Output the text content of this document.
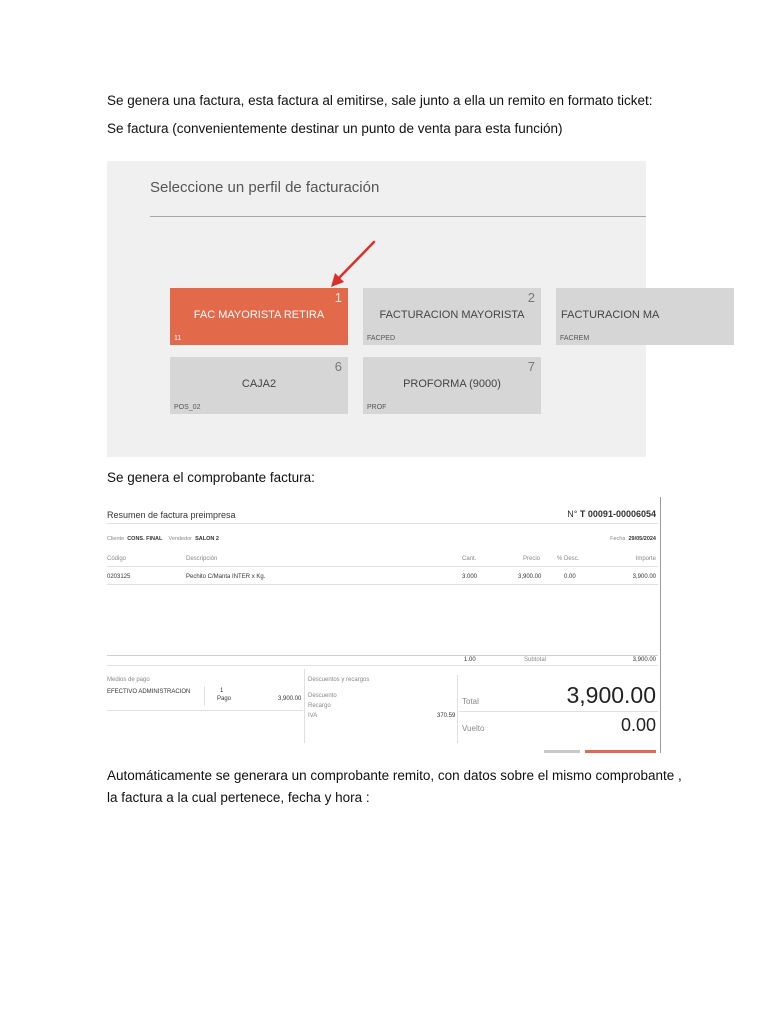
Se genera una factura, esta factura al emitirse, sale junto a ella un remito en formato ticket:
Se factura (convenientemente destinar un punto de venta para esta función)
Seleccione un perfil de facturación
1
FAC MAYORISTA RETIRA
11
2
FACTURACION MAYORISTA
FACPED
FACTURACION MA
FACREM
6
CAJA2
POS_02
7
PROFORMA (9000)
PROF
Se genera el comprobante factura:
Resumen de factura preimpresa	N° T 00091-00006054
Cliente CONS. FINAL Vendedor SALON 2	Fecha 29/05/2024
Código	Descripción	Cant.	Precio	% Desc.	Importe
0203125	Pechito C/Manta INTER x Kg.	3.000	3,900.00	0.00	3,900.00
1.00	Subtotal	3,900.00
Medios de pago
EFECTIVO ADMINISTRACION	1
Pago	3,900.00
Descuentos y recargos
Descuento
Recargo
IVA	370.59
Total	3,900.00
Vuelto	0.00
Automáticamente se generara un comprobante remito, con datos sobre el mismo comprobante ,
la factura a la cual pertenece, fecha y hora :
